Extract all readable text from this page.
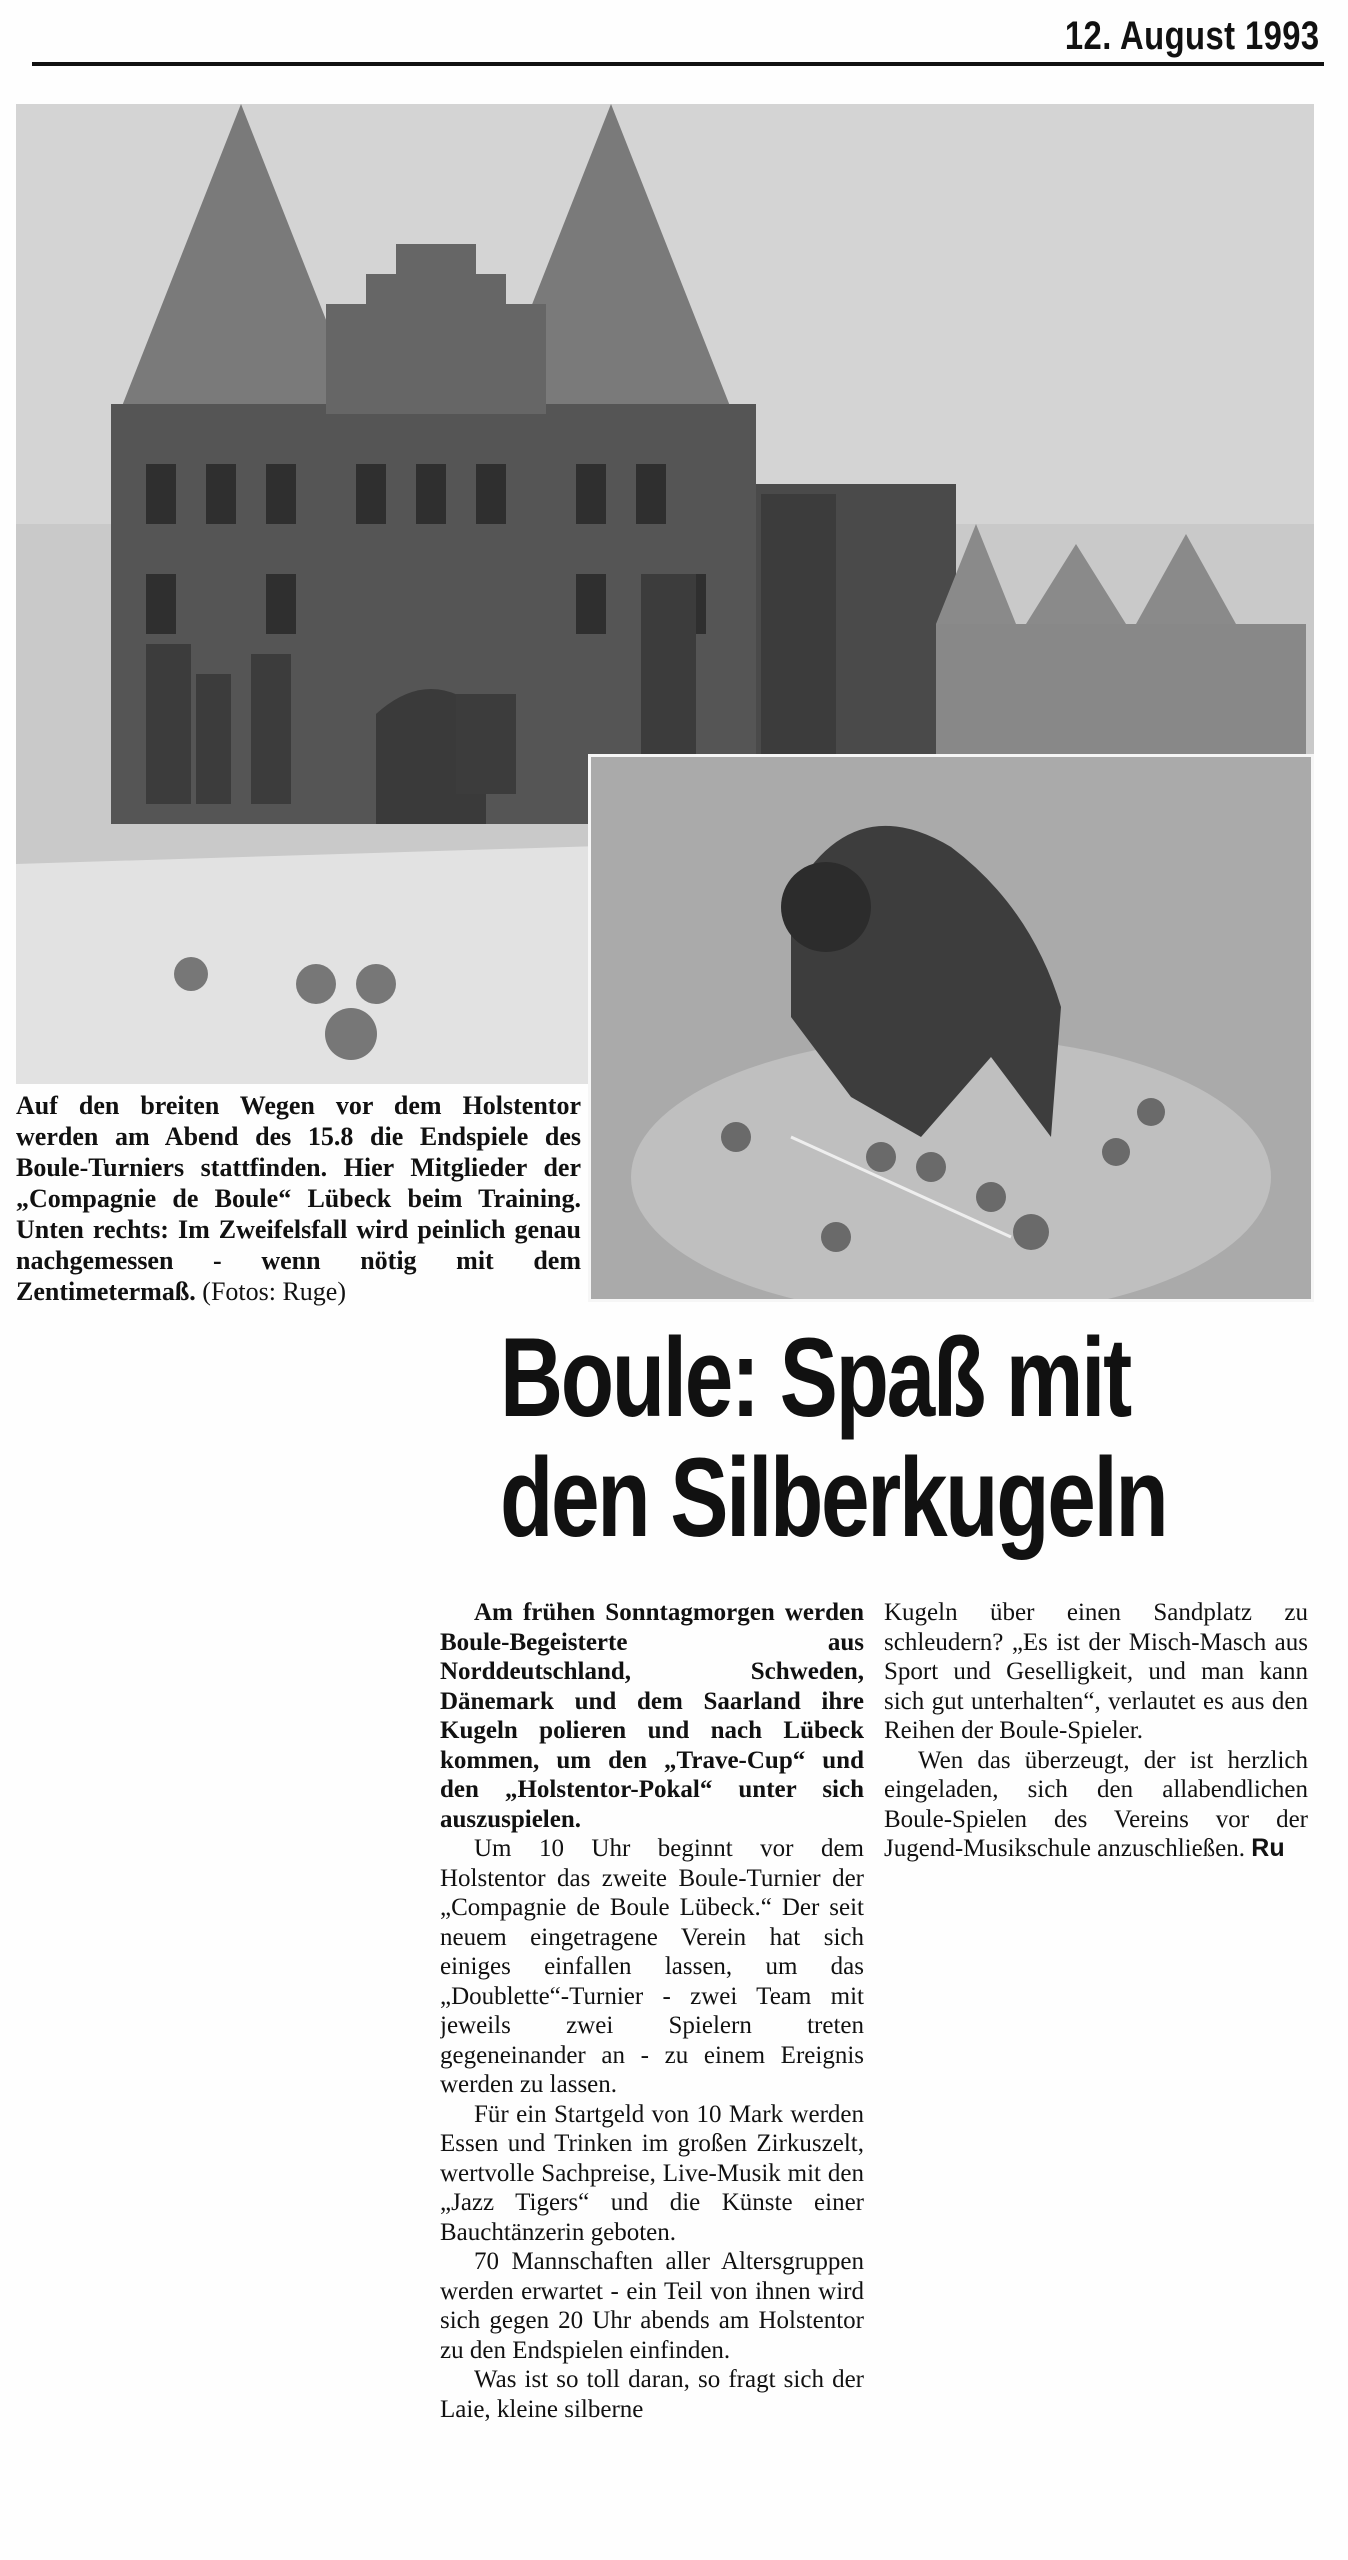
12. August 1993
Auf den breiten Wegen vor dem Holstentor werden am Abend des 15.8 die Endspiele des Boule-Turniers stattfinden. Hier Mitglieder der „Compagnie de Boule“ Lübeck beim Training. Unten rechts: Im Zweifelsfall wird peinlich genau nachgemessen - wenn nötig mit dem Zentimetermaß. (Fotos: Ruge)
Boule: Spaß mit
den Silberkugeln

Am frühen Sonntagmorgen werden Boule-Begeisterte aus Norddeutschland, Schweden, Dänemark und dem Saarland ihre Kugeln polieren und nach Lübeck kommen, um den „Trave-Cup“ und den „Holstentor-Pokal“ unter sich auszuspielen.

Um 10 Uhr beginnt vor dem Holstentor das zweite Boule-Turnier der „Compagnie de Boule Lübeck.“ Der seit neuem eingetragene Verein hat sich einiges einfallen lassen, um das „Doublette“-Turnier - zwei Team mit jeweils zwei Spielern treten gegeneinander an - zu einem Ereignis werden zu lassen.

Für ein Startgeld von 10 Mark werden Essen und Trinken im großen Zirkuszelt, wertvolle Sachpreise, Live-Musik mit den „Jazz Tigers“ und die Künste einer Bauchtänzerin geboten.

70 Mannschaften aller Altersgruppen werden erwartet - ein Teil von ihnen wird sich gegen 20 Uhr abends am Holstentor zu den Endspielen einfinden.

Was ist so toll daran, so fragt sich der Laie, kleine silberne

Kugeln über einen Sandplatz zu schleudern? „Es ist der Misch-Masch aus Sport und Geselligkeit, und man kann sich gut unterhalten“, verlautet es aus den Reihen der Boule-Spieler.

Wen das überzeugt, der ist herzlich eingeladen, sich den allabendlichen Boule-Spielen des Vereins vor der Jugend-Musikschule anzuschließen. Ru
